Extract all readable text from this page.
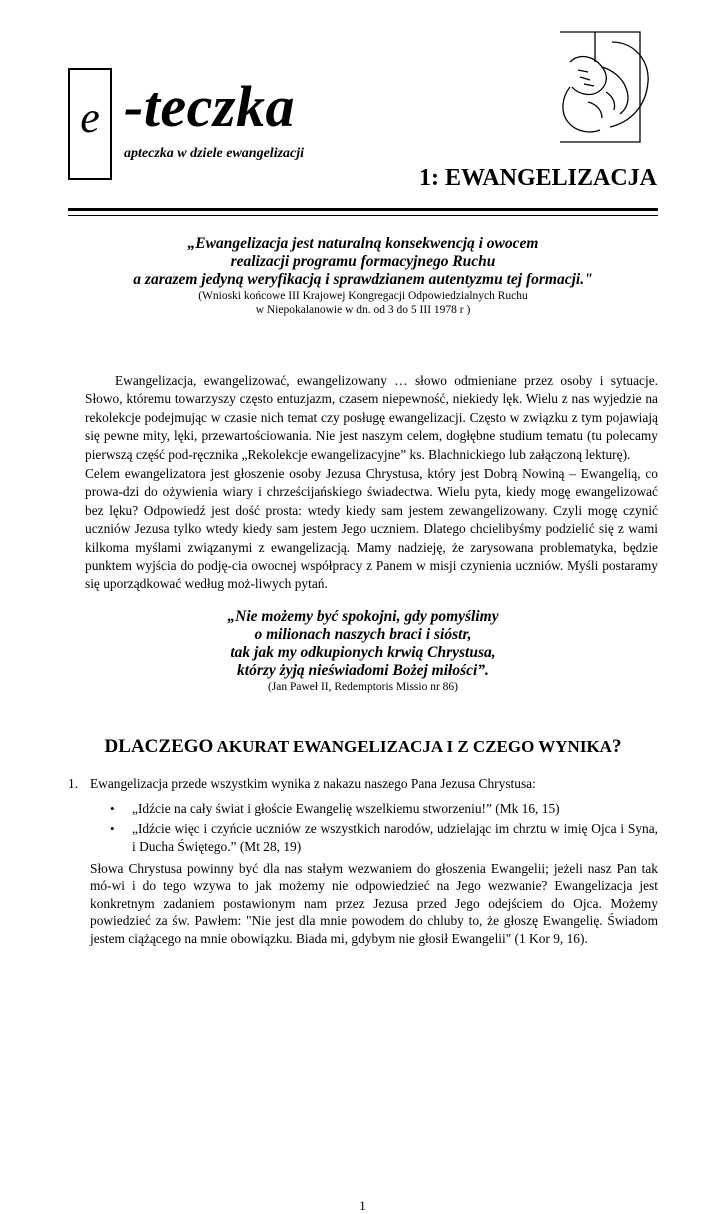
e -teczka
apteczka w dziele ewangelizacji
1: EWANGELIZACJA
„Ewangelizacja jest naturalną konsekwencją i owocem
realizacji programu formacyjnego Ruchu
a zarazem jedyną weryfikacją i sprawdzianem autentyzmu tej formacji."
(Wnioski końcowe III Krajowej Kongregacji Odpowiedzialnych Ruchu
w Niepokalanowie w dn. od 3 do 5 III 1978 r )
Ewangelizacja, ewangelizować, ewangelizowany … słowo odmieniane przez osoby i sytuacje. Słowo, któremu towarzyszy często entuzjazm, czasem niepewność, niekiedy lęk. Wielu z nas wyjedzie na rekolekcje podejmując w czasie nich temat czy posługę ewangelizacji. Często w związku z tym pojawiają się pewne mity, lęki, przewartościowania. Nie jest naszym celem, dogłębne studium tematu (tu polecamy pierwszą część pod-ręcznika „Rekolekcje ewangelizacyjne” ks. Blachnickiego lub załączoną lekturę).
Celem ewangelizatora jest głoszenie osoby Jezusa Chrystusa, który jest Dobrą Nowiną – Ewangelią, co prowa-dzi do ożywienia wiary i chrześcijańskiego świadectwa. Wielu pyta, kiedy mogę ewangelizować bez lęku? Odpowiedź jest dość prosta: wtedy kiedy sam jestem zewangelizowany. Czyli mogę czynić uczniów Jezusa tylko wtedy kiedy sam jestem Jego uczniem. Dlatego chcielibyśmy podzielić się z wami kilkoma myślami związanymi z ewangelizacją. Mamy nadzieję, że zarysowana problematyka, będzie punktem wyjścia do podję-cia owocnej współpracy z Panem w misji czynienia uczniów. Myśli postaramy się uporządkować według moż-liwych pytań.
„Nie możemy być spokojni, gdy pomyślimy
o milionach naszych braci i sióstr,
tak jak my odkupionych krwią Chrystusa,
którzy żyją nieświadomi Bożej miłości”.
(Jan Paweł II, Redemptoris Missio nr 86)
DLACZEGO AKURAT EWANGELIZACJA I Z CZEGO WYNIKA?
1. Ewangelizacja przede wszystkim wynika z nakazu naszego Pana Jezusa Chrystusa:
• „Idźcie na cały świat i głoście Ewangelię wszelkiemu stworzeniu!” (Mk 16, 15)
• „Idźcie więc i czyńcie uczniów ze wszystkich narodów, udzielając im chrztu w imię Ojca i Syna, i Ducha Świętego.” (Mt 28, 19)
Słowa Chrystusa powinny być dla nas stałym wezwaniem do głoszenia Ewangelii; jeżeli nasz Pan tak mó-wi i do tego wzywa to jak możemy nie odpowiedzieć na Jego wezwanie? Ewangelizacja jest konkretnym zadaniem postawionym nam przez Jezusa przed Jego odejściem do Ojca. Możemy powiedzieć za św. Pawłem: "Nie jest dla mnie powodem do chluby to, że głoszę Ewangelię. Świadom jestem ciążącego na mnie obowiązku. Biada mi, gdybym nie głosił Ewangelii" (1 Kor 9, 16).
1
